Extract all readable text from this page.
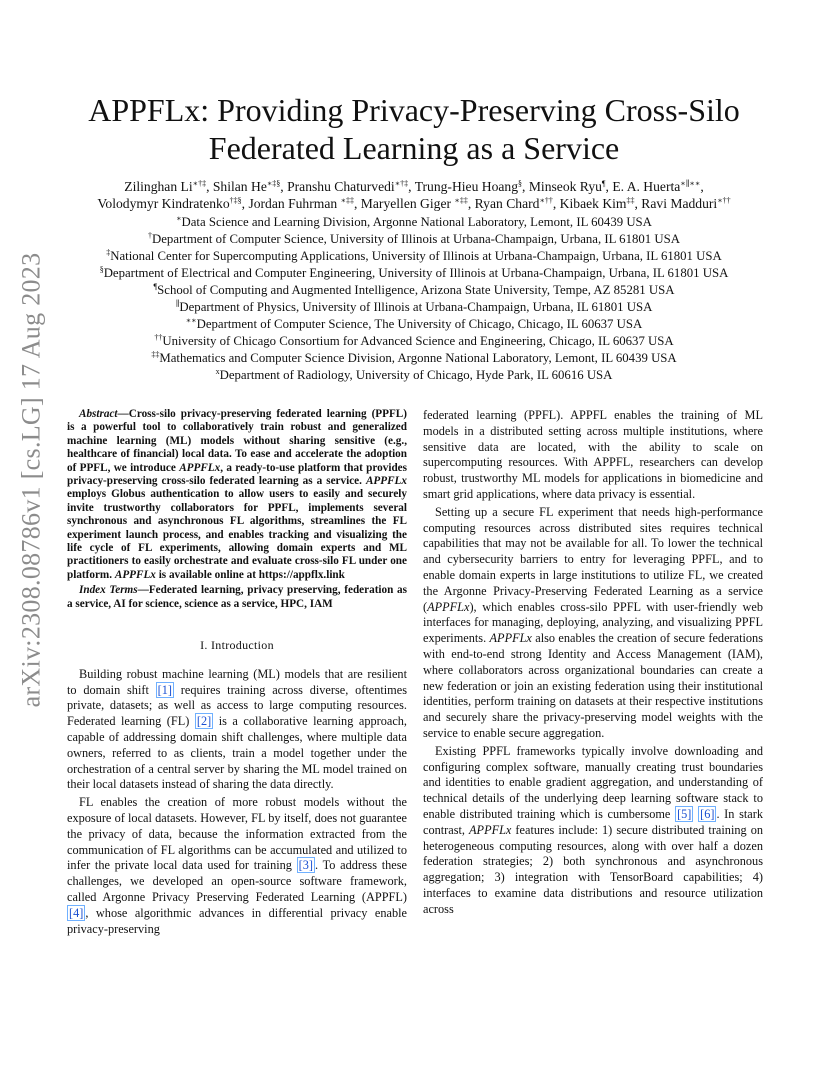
arXiv:2308.08786v1 [cs.LG] 17 Aug 2023
APPFLx: Providing Privacy-Preserving Cross-Silo Federated Learning as a Service
Zilinghan Li∗†‡, Shilan He∗‡§, Pranshu Chaturvedi∗†‡, Trung-Hieu Hoang§, Minseok Ryu¶, E. A. Huerta∗∥∗∗,
Volodymyr Kindratenko†‡§, Jordan Fuhrman ∗‡‡, Maryellen Giger ∗‡‡, Ryan Chard∗††, Kibaek Kim‡‡, Ravi Madduri∗††
∗Data Science and Learning Division, Argonne National Laboratory, Lemont, IL 60439 USA
†Department of Computer Science, University of Illinois at Urbana-Champaign, Urbana, IL 61801 USA
‡National Center for Supercomputing Applications, University of Illinois at Urbana-Champaign, Urbana, IL 61801 USA
§Department of Electrical and Computer Engineering, University of Illinois at Urbana-Champaign, Urbana, IL 61801 USA
¶School of Computing and Augmented Intelligence, Arizona State University, Tempe, AZ 85281 USA
∥Department of Physics, University of Illinois at Urbana-Champaign, Urbana, IL 61801 USA
∗∗Department of Computer Science, The University of Chicago, Chicago, IL 60637 USA
††University of Chicago Consortium for Advanced Science and Engineering, Chicago, IL 60637 USA
‡‡Mathematics and Computer Science Division, Argonne National Laboratory, Lemont, IL 60439 USA
$^x$Department of Radiology, University of Chicago, Hyde Park, IL 60616 USA

Abstract—Cross-silo privacy-preserving federated learning (PPFL) is a powerful tool to collaboratively train robust and generalized machine learning (ML) models without sharing sensitive (e.g., healthcare of financial) local data. To ease and accelerate the adoption of PPFL, we introduce APPFLx, a ready-to-use platform that provides privacy-preserving cross-silo federated learning as a service. APPFLx employs Globus authentication to allow users to easily and securely invite trustworthy collaborators for PPFL, implements several synchronous and asynchronous FL algorithms, streamlines the FL experiment launch process, and enables tracking and visualizing the life cycle of FL experiments, allowing domain experts and ML practitioners to easily orchestrate and evaluate cross-silo FL under one platform. APPFLx is available online at https://appflx.link

Index Terms—Federated learning, privacy preserving, federation as a service, AI for science, science as a service, HPC, IAM

I. Introduction

Building robust machine learning (ML) models that are resilient to domain shift [1] requires training across diverse, oftentimes private, datasets; as well as access to large computing resources. Federated learning (FL) [2] is a collaborative learning approach, capable of addressing domain shift challenges, where multiple data owners, referred to as clients, train a model together under the orchestration of a central server by sharing the ML model trained on their local datasets instead of sharing the data directly.

FL enables the creation of more robust models without the exposure of local datasets. However, FL by itself, does not guarantee the privacy of data, because the information extracted from the communication of FL algorithms can be accumulated and utilized to infer the private local data used for training [3] . To address these challenges, we developed an open-source software framework, called Argonne Privacy Preserving Federated Learning (APPFL) [4] , whose algorithmic advances in differential privacy enable privacy-preserving

federated learning (PPFL). APPFL enables the training of ML models in a distributed setting across multiple institutions, where sensitive data are located, with the ability to scale on supercomputing resources. With APPFL, researchers can develop robust, trustworthy ML models for applications in biomedicine and smart grid applications, where data privacy is essential.

Setting up a secure FL experiment that needs high-performance computing resources across distributed sites requires technical capabilities that may not be available for all. To lower the technical and cybersecurity barriers to entry for leveraging PPFL, and to enable domain experts in large institutions to utilize FL, we created the Argonne Privacy-Preserving Federated Learning as a service (APPFLx), which enables cross-silo PPFL with user-friendly web interfaces for managing, deploying, analyzing, and visualizing PPFL experiments. APPFLx also enables the creation of secure federations with end-to-end strong Identity and Access Management (IAM), where collaborators across organizational boundaries can create a new federation or join an existing federation using their institutional identities, perform training on datasets at their respective institutions and securely share the privacy-preserving model weights with the service to enable secure aggregation.

Existing PPFL frameworks typically involve downloading and configuring complex software, manually creating trust boundaries and identities to enable gradient aggregation, and understanding of technical details of the underlying deep learning software stack to enable distributed training which is cumbersome [5] [6] . In stark contrast, APPFLx features include: 1) secure distributed training on heterogeneous computing resources, along with over half a dozen federation strategies; 2) both synchronous and asynchronous aggregation; 3) integration with TensorBoard capabilities; 4) interfaces to examine data distributions and resource utilization across
